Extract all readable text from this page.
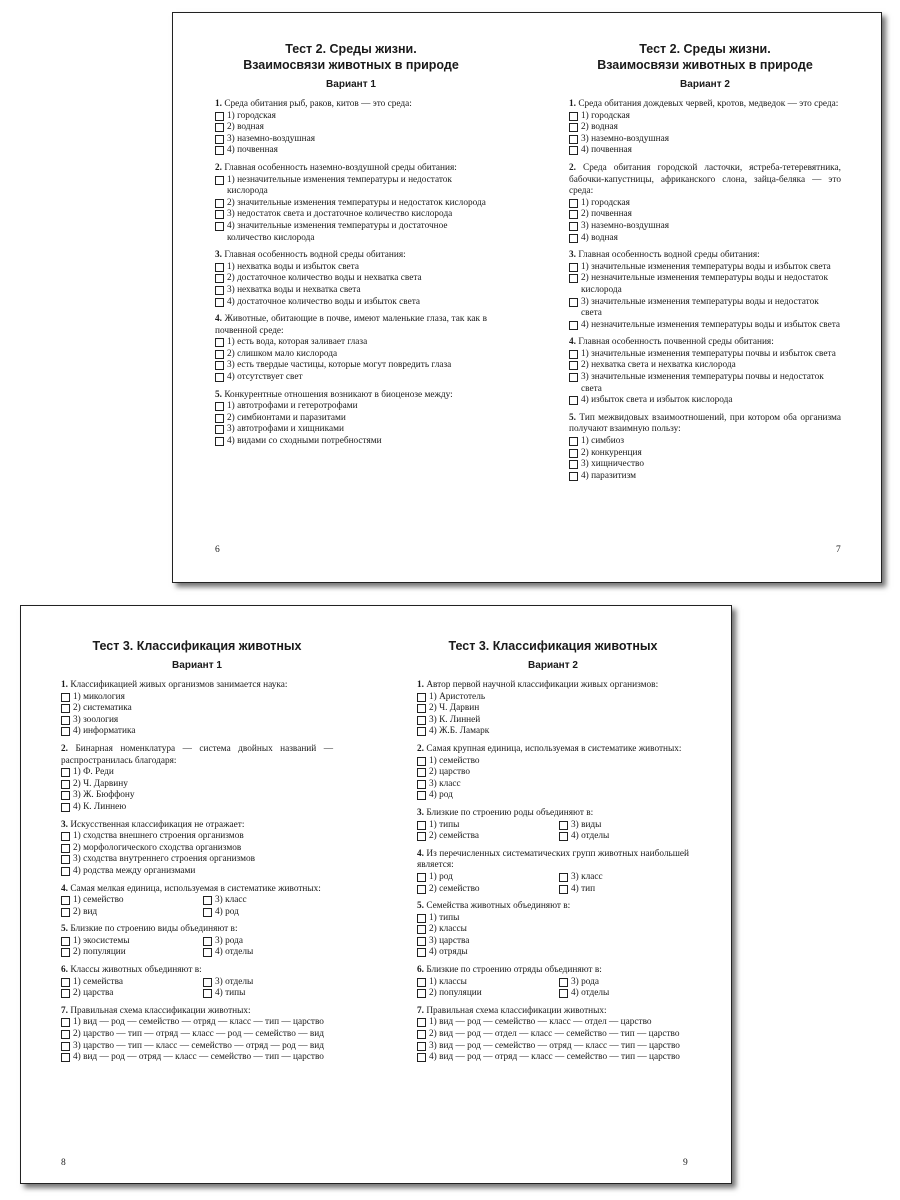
Тест 2. Среды жизни.
Взаимосвязи животных в природе
Вариант 1

1. Среда обитания рыб, раков, китов — это среда:

1) городская
2) водная
3) наземно-воздушная
4) почвенная

2. Главная особенность наземно-воздушной среды обитания:

1) незначительные изменения температуры и недостаток кислорода
2) значительные изменения температуры и недостаток кислорода
3) недостаток света и достаточное количество кислорода
4) значительные изменения температуры и достаточное количество кислорода

3. Главная особенность водной среды обитания:

1) нехватка воды и избыток света
2) достаточное количество воды и нехватка света
3) нехватка воды и нехватка света
4) достаточное количество воды и избыток света

4. Животные, обитающие в почве, имеют маленькие глаза, так как в почвенной среде:

1) есть вода, которая заливает глаза
2) слишком мало кислорода
3) есть твердые частицы, которые могут повредить глаза
4) отсутствует свет

5. Конкурентные отношения возникают в биоценозе между:

1) автотрофами и гетеротрофами
2) симбионтами и паразитами
3) автотрофами и хищниками
4) видами со сходными потребностями
6
Тест 2. Среды жизни.
Взаимосвязи животных в природе
Вариант 2

1. Среда обитания дождевых червей, кротов, медведок — это среда:

1) городская
2) водная
3) наземно-воздушная
4) почвенная

2. Среда обитания городской ласточки, ястреба-тетеревятника, бабочки-капустницы, африканского слона, зайца-беляка — это среда:

1) городская
2) почвенная
3) наземно-воздушная
4) водная

3. Главная особенность водной среды обитания:

1) значительные изменения температуры воды и избыток света
2) незначительные изменения температуры воды и недостаток кислорода
3) значительные изменения температуры воды и недостаток света
4) незначительные изменения температуры воды и избыток света

4. Главная особенность почвенной среды обитания:

1) значительные изменения температуры почвы и избыток света
2) нехватка света и нехватка кислорода
3) значительные изменения температуры почвы и недостаток света
4) избыток света и избыток кислорода

5. Тип межвидовых взаимоотношений, при котором оба организма получают взаимную пользу:

1) симбиоз
2) конкуренция
3) хищничество
4) паразитизм
7
Тест 3. Классификация животных
Вариант 1

1. Классификацией живых организмов занимается наука:

1) микология
2) систематика
3) зоология
4) информатика

2. Бинарная номенклатура — система двойных названий — распространилась благодаря:

1) Ф. Реди
2) Ч. Дарвину
3) Ж. Бюффону
4) К. Линнею

3. Искусственная классификация не отражает:

1) сходства внешнего строения организмов
2) морфологического сходства организмов
3) сходства внутреннего строения организмов
4) родства между организмами

4. Самая мелкая единица, используемая в систематике животных:

1) семейство	3) класс
2) вид	4) род

5. Близкие по строению виды объединяют в:

1) экосистемы	3) рода
2) популяции	4) отделы

6. Классы животных объединяют в:

1) семейства	3) отделы
2) царства	4) типы

7. Правильная схема классификации животных:

1) вид — род — семейство — отряд — класс — тип — царство
2) царство — тип — отряд — класс — род — семейство — вид
3) царство — тип — класс — семейство — отряд — род — вид
4) вид — род — отряд — класс — семейство — тип — царство
8
Тест 3. Классификация животных
Вариант 2

1. Автор первой научной классификации живых организмов:

1) Аристотель
2) Ч. Дарвин
3) К. Линней
4) Ж.Б. Ламарк

2. Самая крупная единица, используемая в систематике животных:

1) семейство
2) царство
3) класс
4) род

3. Близкие по строению роды объединяют в:

1) типы	3) виды
2) семейства	4) отделы

4. Из перечисленных систематических групп животных наибольшей является:

1) род	3) класс
2) семейство	4) тип

5. Семейства животных объединяют в:

1) типы
2) классы
3) царства
4) отряды

6. Близкие по строению отряды объединяют в:

1) классы	3) рода
2) популяции	4) отделы

7. Правильная схема классификации животных:

1) вид — род — семейство — класс — отдел — царство
2) вид — род — отдел — класс — семейство — тип — царство
3) вид — род — семейство — отряд — класс — тип — царство
4) вид — род — отряд — класс — семейство — тип — царство
9
